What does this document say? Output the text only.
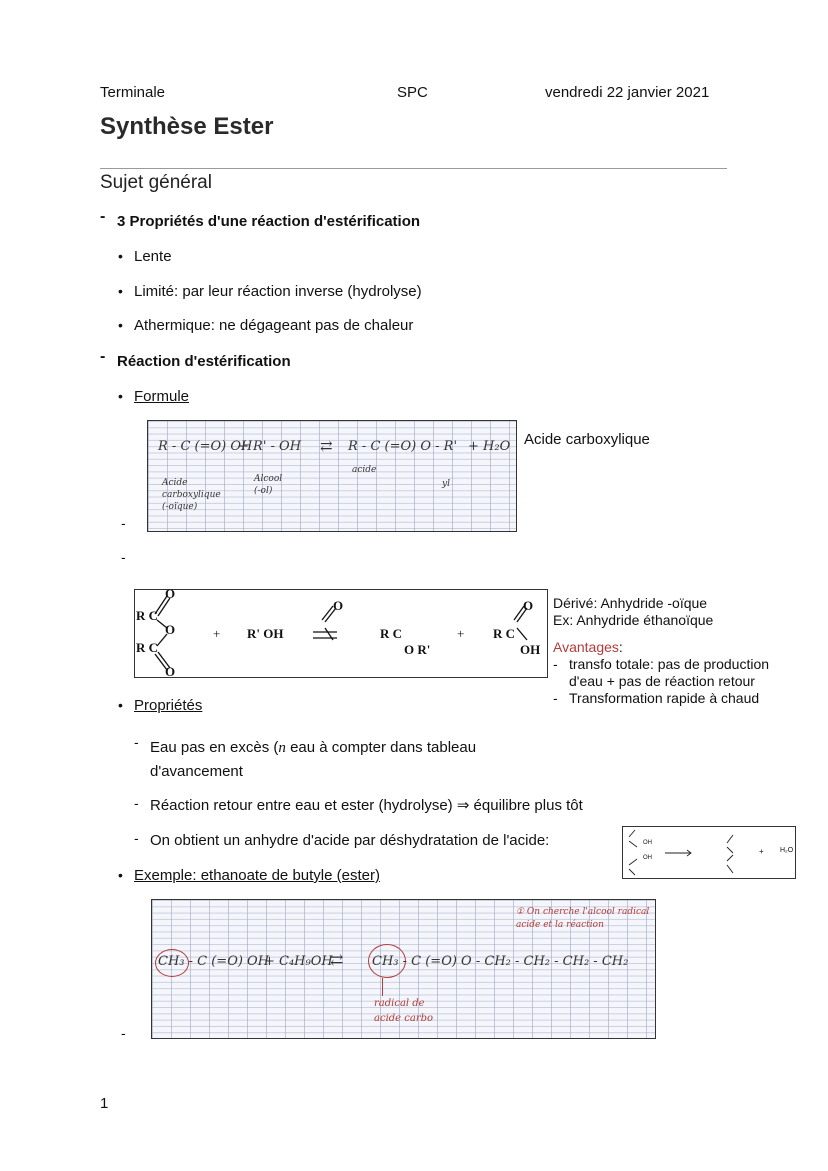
Terminale	SPC	vendredi 22 janvier 2021
Synthèse Ester
Sujet général
- 3 Propriétés d'une réaction d'estérification
• Lente
• Limité: par leur réaction inverse (hydrolyse)
• Athermique: ne dégageant pas de chaleur
- Réaction d'estérification
• Formule
R - C (=O) OH
+ R' - OH ⇄ R - C (=O) O - R' + H₂O
Acide
carboxylique
(-oïque)
Alcool
(-ol)
acide
yl
Acide carboxylique
-
-
O
R C
O
R C
O
+ R' OH
O
R C
O R'
+
O
R C
OH
Dérivé: Anhydride -oïque
Ex: Anhydride éthanoïque
Avantages:
- transfo totale: pas de production d'eau + pas de réaction retour
- Transformation rapide à chaud
• Propriétés
- Eau pas en excès (n eau à compter dans tableau d'avancement
- Réaction retour entre eau et ester (hydrolyse) ⇒ équilibre plus tôt
- On obtient un anhydre d'acide par déshydratation de l'acide:	OH
OH
+ H₂O
• Exemple: ethanoate de butyle (ester)
CH₃ - C (=O) OH
+ C₄H₉OH
⇄ CH₃ - C (=O) O - CH₂ - CH₂ - CH₂ - CH₂
radical de
acide carbo
① On cherche l'alcool radical acide et la réaction
-
1
